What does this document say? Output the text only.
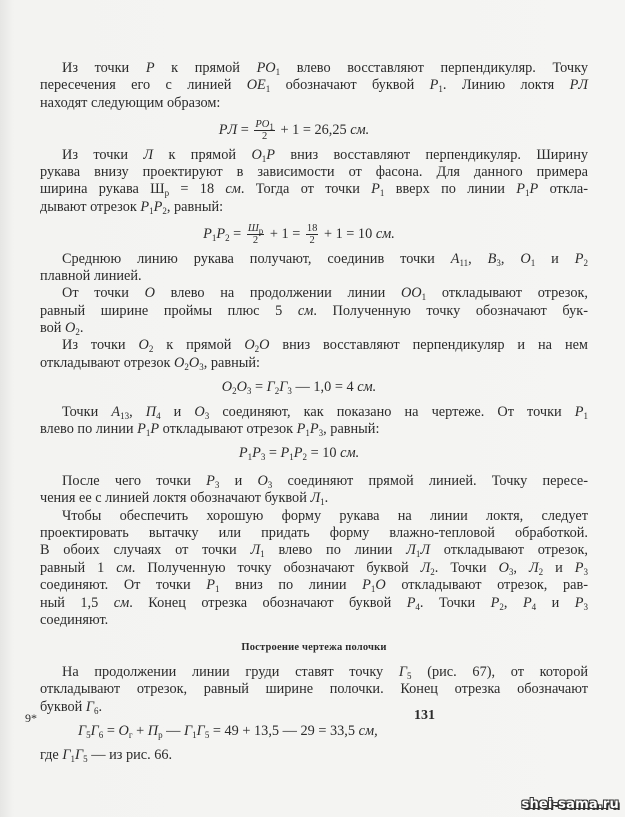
Из точки P к прямой $PO_1$ влево восставляют перпендикуляр. Точку
пересечения его с линией $OE_1$ обозначают буквой $P_1$. Линию локтя PЛ
находят следующим образом:
PЛ = $\frac{PO_1}{2} + 1 = 26,25$ см.
Из точки Л к прямой $O_1P$ вниз восставляют перпендикуляр. Ширину
рукава внизу проектируют в зависимости от фасона. Для данного примера
ширина рукава $Ш_р = 18$ см. Тогда от точки $P_1$ вверх по линии $P_1P$ откла-
дывают отрезок $P_1P_2$, равный:
$P_1P_2 = \frac{Ш_р}{2} + 1 = \frac{18}{2} + 1 = 10$ см.
Среднюю линию рукава получают, соединив точки $A_{11}$, $B_3$, $O_1$ и $P_2$
плавной линией.
От точки O влево на продолжении линии $OO_1$ откладывают отрезок,
равный ширине проймы плюс 5 см. Полученную точку обозначают бук-
вой $O_2$.
Из точки $O_2$ к прямой $O_2O$ вниз восставляют перпендикуляр и на нем
откладывают отрезок $O_2O_3$, равный:
$O_2O_3 = Г_2Г_3$ — 1,0 = 4 см.
Точки $A_{13}$, $П_4$ и $O_3$ соединяют, как показано на чертеже. От точки $P_1$
влево по линии $P_1P$ откладывают отрезок $P_1P_3$, равный:
$P_1P_3 = P_1P_2 = 10$ см.
После чего точки $P_3$ и $O_3$ соединяют прямой линией. Точку пересе-
чения ее с линией локтя обозначают буквой $Л_1$.
Чтобы обеспечить хорошую форму рукава на линии локтя, следует
проектировать вытачку или придать форму влажно-тепловой обработкой.
В обоих случаях от точки $Л_1$ влево по линии $Л_1Л$ откладывают отрезок,
равный 1 см. Полученную точку обозначают буквой $Л_2$. Точки $O_3$, $Л_2$ и $P_3$
соединяют. От точки $P_1$ вниз по линии $P_1O$ откладывают отрезок, рав-
ный 1,5 см. Конец отрезка обозначают буквой $P_4$. Точки $P_2$, $P_4$ и $P_3$
соединяют.
Построение чертежа полочки
На продолжении линии груди ставят точку $Г_5$ (рис. 67), от которой
откладывают отрезок, равный ширине полочки. Конец отрезка обозначают
буквой $Г_6$.
$Г_5Г_6 = О_г + П_р$ — $Г_1Г_5 = 49 + 13,5$ — 29 = 33,5 см,
где $Г_1Г_5$ — из рис. 66.
9*	131
shei-sama.ru
